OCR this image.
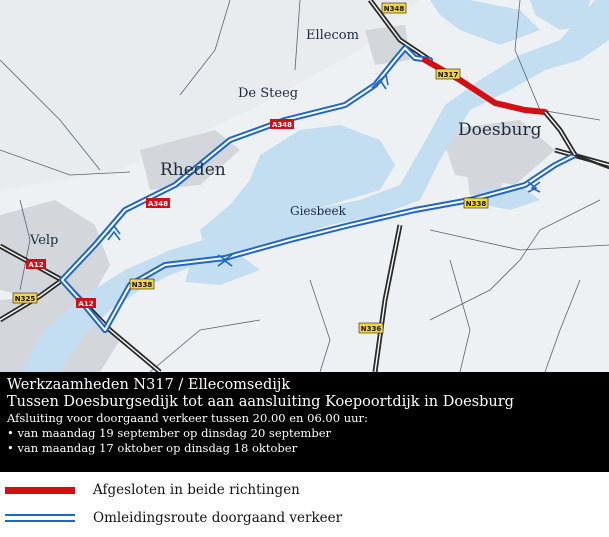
Ellecom
De Steeg
Rheden
Doesburg
Giesbeek
Velp
N348
N317
A348
A348	N338
N338
A12
A12
N325
N336

Werkzaamheden N317 / Ellecomsedijk

Tussen Doesburgsedijk tot aan aansluiting Koepoortdijk in Doesburg

Afsluiting voor doorgaand verkeer tussen 20.00 en 06.00 uur:

• van maandag 19 september op dinsdag 20 september

• van maandag 17 oktober op dinsdag 18 oktober

Afgesloten in beide richtingen
Omleidingsroute doorgaand verkeer
